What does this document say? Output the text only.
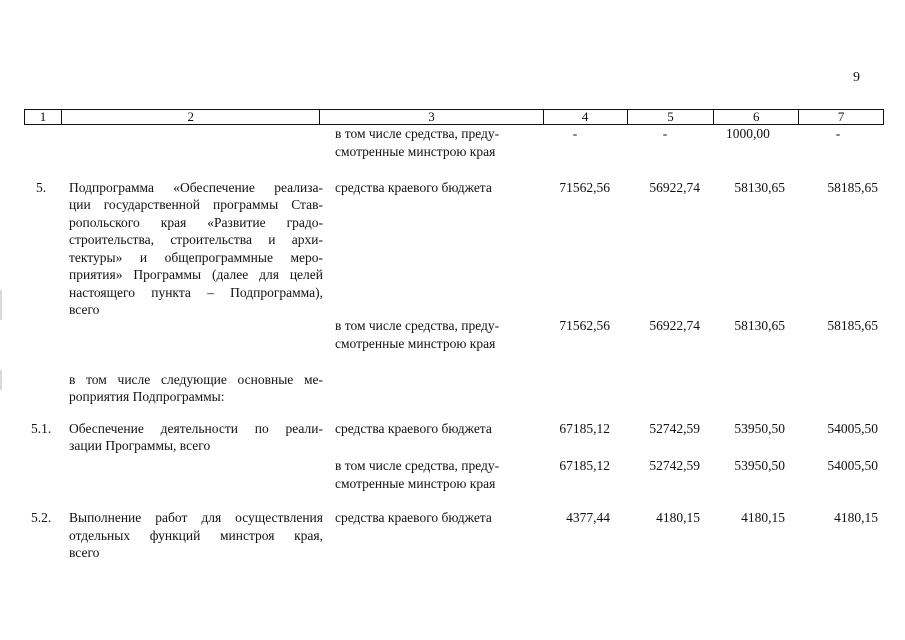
9
1	2	3	4	5	6	7
в том числе средства, преду-
смотренные минстрою края
-	-	1000,00	-
5. Подпрограмма «Обеспечение реализа-
ции государственной программы Став-
ропольского края «Развитие градо-
строительства, строительства и архи-
тектуры» и общепрограммные меро-
приятия» Программы (далее для целей
настоящего пункта – Подпрограмма),
всего
средства краевого бюджета	71562,56	56922,74	58130,65	58185,65
в том числе средства, преду-
смотренные минстрою края
71562,56	56922,74	58130,65	58185,65
в том числе следующие основные ме-
роприятия Подпрограммы:
5.1. Обеспечение деятельности по реали-
зации Программы, всего
средства краевого бюджета	67185,12	52742,59	53950,50	54005,50
в том числе средства, преду-
смотренные минстрою края
67185,12	52742,59	53950,50	54005,50
5.2. Выполнение работ для осуществления
отдельных функций минстроя края,
всего
средства краевого бюджета	4377,44	4180,15	4180,15	4180,15
